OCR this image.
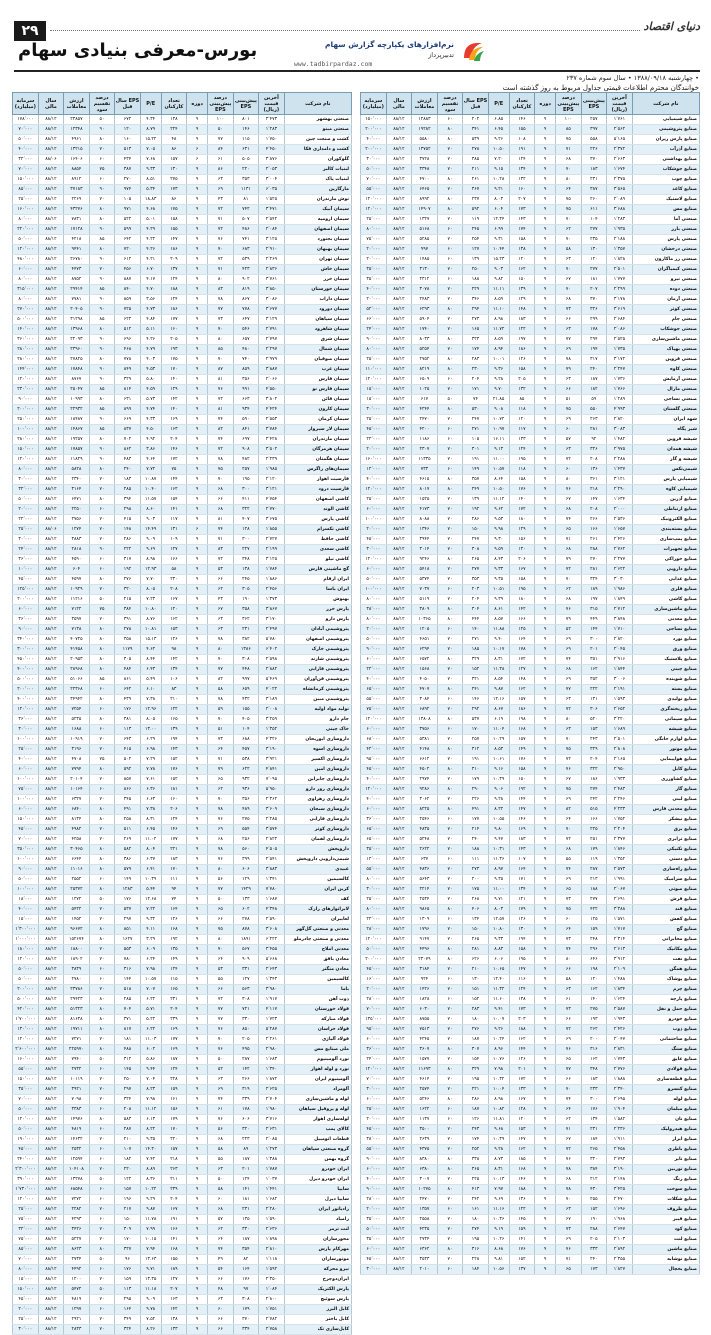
۲۹	دنیای اقتصاد
بورس-معرفی بنیادی سهام	نرم‌افزارهای یکپارچه گزارش سهام
تدبیرپرداز
www.tadbirpardaz.com
• چهارشنبه ۱۳۸۸/۰۹/۱۸ • سال سوم شماره ۲۳۷
خوانندگان محترم اطلاعات قیمتی جداول مربوط به روز گذشته است
نام شرکت	آخرین قیمت (ریال)	پیش‌بینی EPS	درصد پیش‌بینی EPS	دوره	تعداد کارکنان	P/E	EPS سال قبل	درصد تقسیم سود	ارزش معاملات	سال مالی	سرمایه (میلیارد)
صنایع شیمیایی	۱٬۷۶۱	۲۵۷	۱۰۰	۹	۱۴۶	۶.۸۵	۲۰۲	۶۰	۱۲۸۸۳	۸۸/۱۲	۱۵۰٬۰۰۰
صنایع پتروشیمی	۲٬۵۶۲	۳۹۷	۸۵	۹	۱۵۵	۶.۴۵	۳۴۱	۸۰	۱۹۲۸۲	۸۸/۱۲	۲۰۰٬۰۰۰
صنایع پارس ریزان	۵٬۱۶۵	۵۵۸	۷۵	۹	۱۰۸	۹.۲۶	۵۳۹	۸۰	۵۵۸۰	۸۸/۱۲	۴۰٬۰۰۰
صنایع آذرآب	۲٬۳۷۲	۲۲۶	۷۱	۹	۱۹۱	۱۰.۵۰	۲۷۸	۷۰	۱۳۷۵۲	۸۸/۱۲	۲۰۰٬۰۰۰
صنایع بهداشتی	۲٬۶۶۳	۳۷۰	۶۸	۹	۱۲۴	۷.۲۰	۳۸۵	۷۰	۳۷۲۸	۸۸/۱۲	۳۰٬۰۰۰
صنایع جوشکاب	۱٬۶۷۴	۱۸۳	۷۰	۹	۱۳۴	۹.۱۵	۲۱۱	۷۰	۳۳۴۸	۸۸/۱۲	۵۰٬۰۰۰
صنایع چوب	۲٬۳۷۵	۲۳۱	۸۰	۹	۱۳۲	۱۰.۲۸	۲۶۱	۸۰	۴۷۰۰	۸۸/۱۲	۷۰٬۰۰۰
صنایع کاغذ	۳٬۵۶۵	۳۸۷	۶۴	۹	۱۶۰	۹.۲۱	۳۶۷	۷۰	۶۴۶۵	۸۸/۱۲	۵۵٬۰۰۰
صنایع لاستیک	۲٬۰۸۹	۲۶۰	۷۵	۹	۲۰۷	۸.۰۳	۲۳۷	۸۰	۸۹۹۲	۸۸/۱۲	۱۲۰٬۰۰۰
صنایع مس	۳٬۶۸۸	۶۱۱	۷۵	۹	۱۷۳	۶.۰۴	۵۹۲	۸۰	۱۴۹۰۷	۸۸/۱۲	۱۲۰٬۰۰۰
صنعتی آما	۱٬۲۸۳	۱۰۴	۷۰	۹	۱۴۳	۱۲.۳۴	۱۱۹	۷۰	۱۳۲۷	۸۸/۱۲	۲۵٬۰۰۰
صنعتی بارز	۱٬۹۳۵	۲۷۷	۶۲	۹	۱۷۴	۶.۹۹	۲۴۵	۶۰	۵۱۶۸	۸۸/۱۲	۸۰٬۰۰۰
صنعتی پارس	۲٬۱۸۸	۲۳۵	۷۰	۹	۱۵۸	۹.۳۱	۲۵۴	۷۰	۵۲۸۵	۸۸/۱۲	۷۵٬۰۰۰
صنعتی درخشان	۱٬۳۵۷	۱۳۰	۵۸	۹	۱۳۸	۱۰.۴۴	۱۲۷	۶۰	۹۹۷	۸۸/۱۲	۲۰٬۰۰۰
صنعتی زر ماکارون	۱٬۸۲۸	۱۲۰	۶۳	۹	۱۲۰	۱۵.۲۳	۱۳۹	۶۰	۱۴۸۵	۸۸/۱۲	۲۰٬۰۰۰
صنعتی کیمیاگران	۲٬۵۰۱	۲۷۷	۷۰	۹	۱۶۲	۹.۰۳	۲۵۰	۷۰	۳۱۳۰	۸۸/۱۲	۳۵٬۰۰۰
صنعتی نیرو	۱٬۷۷۷	۱۸۱	۶۷	۹	۱۵۰	۹.۸۲	۱۸۸	۶۰	۲۳۱۲	۸۸/۱۲	۳۵٬۰۰۰
صنعتی دوده	۲٬۲۹۹	۲۰۷	۷۰	۹	۱۳۹	۱۱.۱۱	۲۲۹	۷۰	۳۰۷۸	۸۸/۱۲	۴۰٬۰۰۰
صنعتی آرمان	۳٬۱۷۸	۳۷۰	۶۸	۹	۱۲۹	۸.۵۹	۳۴۶	۷۰	۲۴۸۳	۸۸/۱۲	۲۰٬۰۰۰
صنعتی کوثر	۳٬۶۱۹	۳۲۶	۷۳	۹	۱۴۸	۱۱.۱۰	۲۹۴	۸۰	۶۲۹۳	۸۸/۱۲	۵۲٬۰۰۰
صنعتی جام	۲٬۶۸۴	۲۹۹	۶۶	۹	۱۸۳	۸.۹۸	۲۷۳	۷۰	۵۹۰۴	۸۸/۱۲	۶۶٬۰۰۰
صنعتی جوشکاب	۲٬۰۸۶	۱۷۸	۶۳	۹	۱۲۲	۱۱.۷۲	۱۶۵	۷۰	۱۷۴۰	۸۸/۱۲	۲۴٬۰۰۰
صنعتی ماشین‌سازی	۲٬۵۲۵	۲۹۴	۷۷	۹	۱۹۷	۸.۵۹	۳۲۳	۸۰	۸۰۳۳	۸۸/۱۲	۹۰٬۰۰۰
صنعتی بهپاک	۱٬۷۳۵	۱۹۴	۶۹	۹	۱۸۶	۸.۹۴	۱۷۴	۷۰	۵۲۵۴	۸۸/۱۲	۸۰٬۰۰۰
صنعتی قزوین	۳٬۱۷۲	۳۱۷	۷۸	۹	۱۲۶	۱۰.۰۱	۲۸۳	۸۰	۲۷۵۲	۸۸/۱۲	۲۵٬۰۰۰
صنعتی کاوه	۲٬۲۴۷	۲۴۰	۷۹	۹	۱۵۸	۹.۳۶	۲۳۰	۸۰	۸۲۱۹	۸۸/۱۲	۱۱۰٬۰۰۰
صنعتی آزمایش	۱٬۷۳۶	۱۸۷	۶۳	۹	۲۰۵	۹.۲۸	۲۰۴	۶۰	۶۵۰۹	۸۸/۱۲	۱۲۰٬۰۰۰
صنعتی مارال	۱٬۷۶۶	۱۸۲	۶۶	۹	۱۳۲	۹.۷۰	۱۷۱	۷۰	۱۰۲۵	۸۸/۱۲	۱۵٬۰۰۰
صنعتی نساجی	۱٬۲۸۹	۵۹	۵۱	۹	۸۵	۲۱.۸۵	۷۴	۵۰	۶۱۷	۸۸/۱۲	۱۵٬۰۰۰
صنعتی گلستان	۴٬۹۹۳	۵۵۰	۷۵	۹	۱۱۸	۹.۰۸	۵۳۰	۸۰	۴۲۴۴	۸۸/۱۲	۳۰٬۰۰۰
شهد ایران	۲٬۸۲۰	۲۶۳	۶۹	۹	۱۲۰	۱۰.۷۲	۲۴۷	۷۰	۲۴۷۰	۸۸/۱۲	۲۵٬۰۰۰
شیر پگاه	۳٬۰۸۳	۲۸۱	۶۰	۹	۱۱۷	۱۰.۹۷	۲۷۱	۶۰	۴۲۰۰	۸۸/۱۲	۴۵٬۰۰۰
شیشه قزوین	۱٬۴۸۲	۹۲	۵۷	۹	۱۳۳	۱۶.۱۱	۱۰۵	۶۰	۱۱۸۶	۸۸/۱۲	۲۲٬۰۰۰
شیشه همدان	۲٬۹۷۵	۳۲۶	۶۳	۹	۱۲۴	۹.۱۳	۳۰۱	۷۰	۲۳۰۷	۸۸/۱۲	۲۰٬۰۰۰
شیشه و گاز	۲٬۲۸۸	۲۰۸	۷۲	۹	۱۹۵	۱۱.۰۰	۱۹۱	۷۰	۱۱۳۳۵	۸۸/۱۲	۱۶۰٬۰۰۰
شیمی‌تکس	۱٬۴۳۷	۱۳۶	۶۰	۹	۱۱۸	۱۰.۵۷	۱۴۹	۶۰	۷۳۳	۸۸/۱۲	۱۲٬۰۰۰
شیمیایی پارس	۳٬۱۲۱	۳۶۱	۸۰	۹	۱۵۸	۸.۶۴	۳۵۷	۸۰	۴۶۱۵	۸۸/۱۲	۴۰٬۰۰۰
شیمیایی کاوه	۲٬۲۹۰	۲۱۸	۷۶	۹	۱۷۶	۱۰.۵۰	۲۴۹	۸۰	۸۰۱۷	۸۸/۱۲	۱۲۰٬۰۰۰
صنایع آذرین	۱٬۶۳۴	۱۴۷	۶۷	۹	۱۴۰	۱۱.۱۲	۱۳۹	۷۰	۱۵۲۵	۸۸/۱۲	۲۵٬۰۰۰
صنایع ارتباطی	۲٬۰۰۰	۲۰۸	۶۸	۹	۱۷۲	۹.۶۲	۱۹۲	۷۰	۴۱۷۳	۸۸/۱۲	۶۰٬۰۰۰
صنایع الکترونیک	۲٬۵۳۶	۲۶۶	۷۴	۹	۱۸۰	۹.۵۳	۲۸۶	۷۰	۸۰۸۸	۸۸/۱۲	۱۰۰٬۰۰۰
صنایع بسته‌بندی	۱٬۶۵۷	۱۶۶	۶۵	۹	۱۲۹	۹.۹۸	۱۵۰	۷۰	۱۳۴۶	۸۸/۱۲	۲۰٬۰۰۰
صنایع پمپ‌سازی	۲٬۴۲۶	۲۶۱	۷۱	۹	۱۵۶	۹.۳۰	۲۴۷	۷۰	۳۹۴۴	۸۸/۱۲	۴۵٬۰۰۰
صنایع تجهیزات	۲٬۷۶۲	۲۸۸	۶۸	۹	۱۳۰	۹.۵۹	۳۰۸	۷۰	۳۰۱۴	۸۸/۱۲	۳۰٬۰۰۰
صنایع خوراکی	۲٬۲۷۷	۲۷۰	۷۹	۹	۲۰۶	۸.۴۳	۲۶۵	۸۰	۹۲۴۶	۸۸/۱۲	۱۲۰٬۰۰۰
صنایع دارویی	۲٬۶۲۲	۲۸۱	۷۲	۹	۱۶۷	۹.۳۳	۲۷۷	۷۰	۵۴۱۸	۸۸/۱۲	۶۰٬۰۰۰
صنایع غذایی	۳٬۰۳۰	۳۲۴	۷۰	۹	۱۵۸	۹.۳۵	۳۵۳	۷۰	۵۳۷۴	۸۸/۱۲	۵۰٬۰۰۰
صنایع فلزی	۱٬۹۸۶	۱۸۹	۶۲	۹	۱۹۵	۱۰.۵۱	۲۰۳	۶۰	۷۰۳۷	۸۸/۱۲	۱۰۰٬۰۰۰
صنایع کاشی	۱٬۸۴۹	۱۹۷	۶۸	۹	۱۸۰	۹.۳۹	۲۰۴	۷۰	۵۱۱۹	۸۸/۱۲	۸۰٬۰۰۰
صنایع ماشین‌سازی	۲٬۷۱۲	۳۱۵	۷۶	۹	۱۴۲	۸.۶۱	۳۰۴	۸۰	۳۸۰۹	۸۸/۱۲	۳۸٬۰۰۰
صنایع معدنی	۳٬۸۴۸	۴۴۹	۷۹	۹	۱۶۶	۸.۵۷	۴۴۴	۸۰	۱۰۳۶۵	۸۸/۱۲	۸۰٬۰۰۰
صنایع نساجی	۱٬۷۱۰	۱۴۴	۵۲	۹	۱۲۵	۱۱.۸۸	۱۴۰	۶۰	۱۲۰۵	۸۸/۱۲	۲۰٬۰۰۰
صنایع نورد	۲٬۸۲۰	۳۰۰	۶۹	۹	۱۶۴	۹.۴۰	۲۷۱	۷۰	۴۶۵۱	۸۸/۱۲	۵۰٬۰۰۰
صنایع ورق	۲٬۰۴۵	۲۰۱	۶۹	۹	۱۷۸	۱۰.۱۷	۱۸۵	۷۰	۶۲۹۴	۸۸/۱۲	۹۰٬۰۰۰
صنایع پلاستیک	۲٬۹۱۶	۳۵۱	۷۴	۹	۱۷۲	۸.۳۱	۳۲۹	۸۰	۶۵۷۲	۸۸/۱۲	۶۰٬۰۰۰
صنایع چینی	۱٬۸۴۴	۱۶۲	۶۸	۹	۱۲۷	۱۱.۳۸	۱۵۲	۷۰	۱۵۶۸	۸۸/۱۲	۲۲٬۰۰۰
صنایع شوینده	۳٬۰۰۶	۳۵۲	۶۹	۹	۱۴۸	۸.۵۴	۳۲۱	۷۰	۴۰۵۰	۸۸/۱۲	۴۰٬۰۰۰
صنایع بسته	۲٬۱۹۱	۲۲۲	۷۷	۹	۱۶۲	۹.۸۷	۲۴۱	۸۰	۴۷۰۷	۸۸/۱۲	۶۵٬۰۰۰
صنایع تولیدی	۱٬۵۹۳	۱۳۱	۶۳	۹	۱۵۷	۱۲.۱۶	۱۴۶	۶۰	۳۰۸۴	۸۸/۱۲	۵۵٬۰۰۰
صنایع ریخته‌گری	۲٬۶۵۲	۳۰۶	۷۲	۹	۱۸۶	۸.۶۷	۲۹۲	۷۰	۶۸۹۲	۸۸/۱۲	۷۵٬۰۰۰
صنایع سیمانی	۳٬۲۲۰	۵۲۰	۸۰	۹	۱۹۸	۶.۱۹	۵۳۷	۸۰	۱۳۸۰۸	۸۸/۱۲	۱۲۰٬۰۰۰
صنایع شیشه	۱٬۶۸۹	۱۵۳	۶۳	۹	۱۶۸	۱۱.۰۴	۱۷۰	۶۰	۳۷۵۶	۸۸/۱۲	۶۰٬۰۰۰
صنایع لوازم خانگی	۲٬۵۰۱	۲۴۳	۷۰	۹	۱۵۷	۱۰.۲۹	۲۵۷	۷۰	۵۳۸۱	۸۸/۱۲	۶۸٬۰۰۰
صنایع موتور	۲٬۸۰۸	۳۲۹	۷۵	۹	۱۴۹	۸.۵۳	۳۱۲	۸۰	۴۱۴۸	۸۸/۱۲	۴۲٬۰۰۰
صنایع هواپیمایی	۲٬۱۶۵	۲۰۴	۷۲	۹	۱۷۶	۱۰.۶۱	۱۹۱	۷۰	۶۶۱۲	۸۸/۱۲	۹۵٬۰۰۰
صنایع کابل	۲٬۹۵۰	۳۲۲	۷۶	۹	۱۵۸	۹.۱۶	۳۱۰	۸۰	۴۵۰۲	۸۸/۱۲	۴۵٬۰۰۰
صنایع کشاورزی	۱٬۹۳۳	۱۸۶	۶۷	۹	۱۵۰	۱۰.۳۹	۱۷۹	۷۰	۲۹۷۴	۸۸/۱۲	۴۰٬۰۰۰
صنایع گاز	۲٬۴۸۳	۲۷۴	۷۵	۹	۱۹۲	۹.۰۶	۲۹۰	۸۰	۹۲۸۶	۸۸/۱۲	۱۲۰٬۰۰۰
صنایع لبنی	۲٬۲۴۶	۲۴۲	۶۹	۹	۱۴۴	۹.۲۸	۲۲۶	۷۰	۳۰۶۲	۸۸/۱۲	۴۰٬۰۰۰
صنایع معدنی فارس	۴٬۲۳۳	۵۱۵	۸۲	۹	۱۴۷	۸.۲۲	۴۹۱	۸۰	۸۲۲۵	۸۸/۱۲	۶۰٬۰۰۰
صنایع نیشکر	۱٬۷۵۲	۱۶۶	۶۴	۹	۱۴۶	۱۰.۵۵	۱۷۷	۶۰	۲۵۴۶	۸۸/۱۲	۳۶٬۰۰۰
صنایع برق	۲٬۲۰۴	۲۲۵	۷۰	۹	۱۶۹	۹.۸۰	۲۱۴	۷۰	۴۸۳۵	۸۸/۱۲	۶۵٬۰۰۰
صنایع ترابری	۲٬۳۷۷	۲۵۱	۷۲	۹	۱۸۳	۹.۴۷	۲۴۰	۷۰	۵۲۴۸	۸۸/۱۲	۶۵٬۰۰۰
صنایع تکنیکی	۱٬۸۴۶	۱۷۹	۶۸	۹	۱۴۳	۱۰.۳۱	۱۸۸	۷۰	۲۶۲۲	۸۸/۱۲	۳۵٬۰۰۰
صنایع دستی	۱٬۳۵۲	۱۱۹	۵۵	۹	۱۰۷	۱۱.۳۶	۱۱۱	۶۰	۶۳۷	۸۸/۱۲	۱۲٬۰۰۰
صنایع راه‌سازی	۲٬۵۷۳	۲۸۷	۷۴	۹	۱۶۴	۸.۹۷	۲۷۳	۷۰	۴۸۳۶	۸۸/۱۲	۵۵٬۰۰۰
صنایع سرامیک	۱٬۹۹۱	۲۱۳	۶۹	۹	۱۷۱	۹.۳۵	۲۰۰	۷۰	۵۶۴۳	۸۸/۱۲	۸۰٬۰۰۰
صنایع صوتی	۲٬۰۶۷	۱۸۸	۶۵	۹	۱۳۴	۱۱.۰۰	۱۷۵	۷۰	۲۲۱۴	۸۸/۱۲	۳۰٬۰۰۰
صنایع فرش	۲٬۶۹۱	۲۷۷	۷۳	۹	۱۲۱	۹.۷۱	۲۶۸	۷۰	۲۵۳۴	۸۸/۱۲	۲۵٬۰۰۰
صنایع قند	۳٬۳۸۸	۴۲۲	۷۵	۹	۱۷۹	۸.۰۳	۴۰۶	۸۰	۹۸۶۵	۸۸/۱۲	۸۰٬۰۰۰
صنایع کفش	۱٬۵۷۱	۱۲۵	۶۰	۹	۱۲۶	۱۲.۵۷	۱۳۴	۶۰	۱۳۰۹	۸۸/۱۲	۲۲٬۰۰۰
صنایع گچ	۱٬۷۱۷	۱۵۹	۶۴	۹	۱۳۰	۱۰.۸۰	۱۵۰	۷۰	۱۷۹۶	۸۸/۱۲	۲۸٬۰۰۰
صنایع مخابراتی	۲٬۳۱۴	۲۴۸	۷۳	۹	۱۹۴	۹.۳۳	۲۶۵	۷۰	۹۱۴۷	۸۸/۱۲	۱۲۰٬۰۰۰
صنایع مکانیک	۲٬۶۱۳	۲۹۶	۷۴	۹	۱۵۸	۸.۸۳	۲۸۱	۸۰	۴۴۹۶	۸۸/۱۲	۵۰٬۰۰۰
صنایع نفت	۳٬۹۱۲	۶۴۶	۸۰	۹	۱۹۵	۶.۰۶	۶۲۶	۸۰	۲۳۰۷۹	۸۸/۱۲	۲۰۰٬۰۰۰
صنایع همگن	۲٬۱۰۹	۱۹۸	۶۶	۹	۱۴۷	۱۰.۶۵	۲۱۰	۷۰	۳۱۸۴	۸۸/۱۲	۴۵٬۰۰۰
صنایع پوشاک	۱٬۴۸۸	۱۲۰	۵۸	۹	۱۱۶	۱۲.۴۰	۱۳۰	۶۰	۹۲۴	۸۸/۱۲	۱۶٬۰۰۰
صنایع چرم	۱٬۸۳۴	۱۶۲	۶۳	۹	۱۲۴	۱۱.۳۲	۱۵۱	۷۰	۱۴۲۶	۸۸/۱۲	۲۰٬۰۰۰
صنایع پارچه	۱٬۶۲۴	۱۴۰	۶۱	۹	۱۳۸	۱۱.۶۰	۱۵۲	۶۰	۱۸۲۸	۸۸/۱۲	۲۸٬۰۰۰
صنایع حمل و نقل	۲٬۵۸۷	۲۷۵	۷۳	۹	۱۷۳	۹.۴۱	۲۸۳	۷۰	۶۰۳۰	۸۸/۱۲	۷۰٬۰۰۰
صنایع خودرو	۱٬۹۴۳	۱۹۳	۶۶	۹	۲۰۳	۱۰.۰۷	۱۸۰	۷۰	۸۷۵۵	۸۸/۱۲	۱۳۵٬۰۰۰
صنایع ذوب	۲٬۴۲۶	۲۶۲	۷۲	۹	۱۸۸	۹.۲۶	۲۷۶	۷۰	۷۵۱۳	۸۸/۱۲	۹۵٬۰۰۰
صنایع ساختمانی	۲٬۰۴۷	۲۰۰	۶۹	۹	۱۶۲	۱۰.۲۴	۱۸۷	۷۰	۴۲۴۵	۸۸/۱۲	۶۰٬۰۰۰
صنایع سنگ	۲٬۸۳۱	۳۱۶	۷۶	۹	۱۴۴	۸.۹۶	۳۰۷	۸۰	۳۶۰۷	۸۸/۱۲	۳۶٬۰۰۰
صنایع عایق	۱٬۷۴۳	۱۶۲	۶۵	۹	۱۲۶	۱۰.۷۶	۱۵۴	۷۰	۱۵۷۷	۸۸/۱۲	۲۴٬۰۰۰
صنایع فولادی	۲٬۷۷۶	۳۴۸	۷۷	۹	۲۰۱	۷.۹۸	۳۲۹	۸۰	۱۱۶۹۳	۸۸/۱۲	۱۲۰٬۰۰۰
صنایع قطعه‌سازی	۱٬۸۸۸	۱۸۳	۶۶	۹	۱۷۲	۱۰.۳۲	۱۹۵	۷۰	۴۶۱۴	۸۸/۱۲	۷۰٬۰۰۰
صنایع کنسرو	۲٬۳۴۰	۲۳۳	۷۰	۹	۱۳۳	۱۰.۰۴	۲۲۱	۷۰	۲۵۷۴	۸۸/۱۲	۳۰٬۰۰۰
صنایع لوله	۲٬۶۹۵	۳۰۰	۷۴	۹	۱۶۷	۸.۹۸	۲۸۶	۸۰	۵۲۴۶	۸۸/۱۲	۶۰٬۰۰۰
صنایع مبلمان	۱٬۹۰۴	۱۷۶	۶۴	۹	۱۲۸	۱۰.۸۲	۱۸۷	۶۰	۱۶۲۲	۸۸/۱۲	۲۵٬۰۰۰
صنایع نان	۱٬۵۸۲	۱۳۴	۶۲	۹	۱۲۰	۱۱.۸۱	۱۲۶	۶۰	۱۱۳۷	۸۸/۱۲	۲۰٬۰۰۰
صنایع هیدرولیک	۲٬۲۳۶	۲۳۱	۷۱	۹	۱۵۳	۹.۶۸	۲۴۳	۷۰	۳۵۰۰	۸۸/۱۲	۴۵٬۰۰۰
صنایع ابزار	۱٬۹۱۱	۱۸۴	۶۷	۹	۱۴۷	۱۰.۳۹	۱۷۴	۷۰	۲۶۳۹	۸۸/۱۲	۳۸٬۰۰۰
صنایع باطری	۲٬۴۵۸	۲۶۵	۷۲	۹	۱۶۲	۹.۲۸	۲۵۲	۷۰	۴۳۷۵	۸۸/۱۲	۵۵٬۰۰۰
صنایع تایر	۲٬۷۹۳	۳۲۰	۷۶	۹	۱۸۵	۸.۷۳	۳۳۸	۸۰	۸۳۸۰	۸۸/۱۲	۹۰٬۰۰۰
صنایع توربین	۳٬۱۹۰	۳۸۴	۷۸	۹	۱۶۸	۸.۳۱	۳۶۵	۸۰	۶۳۸۰	۸۸/۱۲	۶۰٬۰۰۰
صنایع رنگ	۲٬۱۴۸	۲۱۲	۶۸	۹	۱۴۶	۱۰.۱۳	۲۲۵	۷۰	۳۰۰۷	۸۸/۱۲	۴۰٬۰۰۰
صنایع سوخت	۳٬۴۲۵	۴۳۰	۷۸	۹	۱۸۸	۷.۹۷	۴۱۳	۸۰	۱۰۲۷۵	۸۸/۱۲	۹۰٬۰۰۰
صنایع شکلات	۲٬۴۷۰	۲۵۵	۷۰	۹	۱۳۶	۹.۶۹	۲۴۲	۷۰	۲۴۷۰	۸۸/۱۲	۲۸٬۰۰۰
صنایع ظروف	۱٬۶۹۶	۱۵۲	۶۳	۹	۱۲۲	۱۱.۱۶	۱۶۱	۶۰	۱۳۵۷	۸۸/۱۲	۲۰٬۰۰۰
صنایع فیبر	۱٬۹۶۸	۱۹۰	۶۷	۹	۱۴۵	۱۰.۳۶	۱۸۰	۷۰	۲۵۵۸	۸۸/۱۲	۳۵٬۰۰۰
صنایع کود	۲٬۶۴۷	۲۸۸	۷۳	۹	۱۵۹	۹.۱۹	۲۷۴	۷۰	۴۲۳۵	۸۸/۱۲	۵۰٬۰۰۰
صنایع لنت	۲٬۱۰۳	۲۰۵	۶۹	۹	۱۴۱	۱۰.۲۶	۱۹۵	۷۰	۲۷۳۴	۸۸/۱۲	۳۵٬۰۰۰
صنایع ماشین	۲٬۸۹۲	۳۳۳	۷۶	۹	۱۷۶	۸.۶۸	۳۱۶	۸۰	۶۳۶۲	۸۸/۱۲	۶۰٬۰۰۰
صنایع نوشابه	۲٬۳۵۵	۲۴۰	۷۱	۹	۱۵۲	۹.۸۱	۲۲۸	۷۰	۳۵۳۳	۸۸/۱۲	۴۵٬۰۰۰
صنایع یخچال	۱٬۸۲۷	۱۷۳	۶۵	۹	۱۳۷	۱۰.۵۶	۱۸۴	۶۰	۲۰۱۰	۸۸/۱۲	۳۰٬۰۰۰
نام شرکت	آخرین قیمت (ریال)	پیش‌بینی EPS	درصد پیش‌بینی EPS	دوره	تعداد کارکنان	P/E	EPS سال قبل	درصد تقسیم سود	ارزش معاملات	سال مالی	سرمایه (میلیارد)
صنعتی بهشهر	۳٬۴۷۳	۸۰۱	۱۰۰	۹	۱۳۸	۴.۳۴	۶۷۲	۵۰	۲۳۸۵۷	۸۸/۱۲	۱۷۸٬۰۰۰
صنعتی مینو	۱٬۲۸۳	۱۴۶	۵۰	۹	۲۲۴	۸.۷۹	۱۲۰	۹۰	۱۲۳۴۸	۸۸/۱۲	۷۰٬۰۰۰
کشت و صنعت چین	۱٬۷۵۰	۱۱۵	۷۷	۹	۴۸	۱۵.۲۲	۱۶۰	۸۰	۴۹۶۱	۸۸/۱۲	۵۰٬۰۰۰
کشت و دامداری فکا	۴٬۴۵۰	۶۳۱	۸۴	۶	۸۶	۷.۰۵	۵۱۳	۷۰	۱۳۲۱۵	۸۸/۱۲	۴۰٬۰۰۰
گلوکوزان	۳٬۸۷۶	۵۰۵	۶۱	۶	۱۵۷	۷.۶۸	۴۳۴	۶۰	۱۶۴۰۶	۸۸/۰۶	۳۲٬۰۰۰
لبنیات کالبر	۲٬۰۵۳	۲۲۰	۸۶	۹	۱۳۰	۹.۳۳	۳۸۷	۷۵	۸۸۵۴	۸۸/۱۲	۷۰٬۰۰۰
لبنیات پاک	۳٬۰۰۴	۳۵۳	۶۳	۹	۲۷۵	۸.۵۱	۲۷۰	۶۰	۸۹۱۲	۸۸/۱۲	۱۵۰٬۰۰۰
مارگارین	۶٬۰۳۵	۱۱۳۱	۶۹	۹	۱۷۳	۵.۳۴	۹۷۴	۹۰	۳۷۱۸۳	۸۸/۱۲	۸۵٬۰۰۰
نوش مازندران	۱٬۵۲۵	۸۱	۴۳	۹	۸۶	۱۸.۸۳	۱۰۵	۷۰	۲۲۶۹	۸۸/۱۲	۲۵٬۰۰۰
سیمان آبیک	۳٬۴۷۱	۷۴۲	۷۲	۹	۱۷۵	۴.۶۸	۹۷۱	۸۰	۴۳۲۷۶	۸۸/۱۲	۱۶۰٬۰۰۰
سیمان ارومیه	۲٬۵۴۲	۵۰۷	۷۱	۹	۱۵۸	۵.۰۱	۵۲۲	۸۰	۷۸۳۱	۸۸/۱۲	۸۰٬۰۰۰
سیمان اصفهان	۲٬۰۸۴	۴۸۶	۷۲	۹	۱۵۵	۴.۲۹	۵۹۹	۹۰	۱۷۱۲۸	۸۸/۱۲	۲۲۰٬۰۰۰
سیمان بجنورد	۳٬۱۲۵	۷۴۱	۷۶	۹	۱۴۷	۴.۲۲	۶۴۲	۸۵	۴۲۱۸	۸۸/۱۲	۵۰٬۰۰۰
سیمان بهبهان	۲٬۹۱۰	۶۸۳	۷۰	۹	۱۸۶	۴.۲۶	۷۲۰	۸۰	۹۴۴۱	۸۸/۱۲	۱۲۰٬۰۰۰
سیمان تهران	۲٬۲۶۹	۵۳۹	۷۲	۹	۲۰۹	۴.۲۱	۶۱۲	۹۰	۲۶۷۸۰	۸۸/۱۲	۴۸۰٬۰۰۰
سیمان خاش	۲٬۸۳۶	۴۲۳	۷۱	۹	۱۳۷	۶.۷۰	۴۵۶	۷۰	۴۴۷۳	۸۸/۱۲	۶۰٬۰۰۰
سیمان خزر	۳٬۷۶۱	۹۰۲	۸۰	۹	۱۲۴	۴.۱۷	۸۸۷	۹۰	۸۷۵۲	۸۸/۱۲	۸۰٬۰۰۰
سیمان خوزستان	۳٬۸۵۰	۸۱۹	۸۳	۹	۱۸۸	۴.۷۰	۸۴۰	۸۵	۲۹۴۱۴	۸۸/۱۲	۳۱۵٬۰۰۰
سیمان داراب	۳٬۰۸۶	۸۶۷	۷۸	۹	۱۲۴	۳.۵۶	۸۵۹	۹۰	۷۷۸۱	۸۸/۱۲	۸۰٬۰۰۰
سیمان دورود	۳٬۶۷۷	۷۷۸	۷۷	۹	۱۸۶	۴.۷۳	۷۲۵	۹۰	۲۰۴۰۵	۸۸/۱۲	۲۷۰٬۰۰۰
سیمان سپاهان	۳٬۱۲۹	۶۴۷	۷۳	۹	۱۷۷	۴.۸۴	۶۲۲	۸۵	۳۱۲۹۸	۸۸/۱۲	۵۰۰٬۰۰۰
سیمان شاهرود	۲٬۷۹۱	۵۴۶	۷۰	۹	۱۶۰	۵.۱۱	۵۱۲	۸۰	۱۳۹۶۸	۸۸/۱۲	۱۴۰٬۰۰۰
سیمان شرق	۲٬۷۹۷	۶۵۷	۸۰	۹	۲۰۵	۴.۲۶	۶۹۶	۹۰	۲۲۰۹۳	۸۸/۱۲	۳۶۰٬۰۰۰
سیمان شمال	۲٬۲۹۷	۴۸۰	۸۵	۹	۱۹۳	۴.۷۹	۴۶۸	۹۰	۲۳۹۶۰	۸۸/۱۲	۲۸۰٬۰۰۰
سیمان صوفیان	۲٬۹۷۹	۷۴۰	۷۰	۹	۱۷۵	۴.۰۳	۷۷۸	۸۰	۲۷۸۲۵	۸۸/۱۲	۲۸۰٬۰۰۰
سیمان غرب	۳٬۸۸۷	۸۵۹	۸۷	۹	۱۷۰	۴.۵۳	۸۴۹	۹۰	۱۷۸۴۸	۸۸/۱۲	۱۴۴٬۰۰۰
سیمان فارس	۲٬۰۶۶	۳۵۶	۸۱	۹	۱۴۰	۵.۸۰	۳۲۹	۹۰	۸۷۶۷	۸۸/۱۲	۱۲۰٬۰۰۰
سیمان فارس نو	۴٬۵۵۰	۹۹۱	۷۶	۹	۱۲۹	۴.۵۹	۸۱۴	۸۵	۲۵۰۴۷	۸۸/۱۲	۲۳۰٬۰۰۰
سیمان قائن	۳٬۸۰۲	۶۶۳	۷۲	۹	۱۴۲	۵.۷۳	۶۳۱	۸۰	۱۰۹۹۳	۸۸/۱۲	۹۰٬۰۰۰
سیمان کارون	۴٬۴۲۴	۹۳۴	۸۱	۹	۱۴۰	۴.۷۴	۸۹۹	۸۵	۲۲۹۳۲	۸۸/۱۲	۲۰۰٬۰۰۰
سیمان کرمان	۲٬۵۵۳	۵۹۰	۷۴	۹	۱۶۹	۴.۳۳	۶۶۹	۹۰	۱۸۴۸۷	۸۸/۱۲	۲۵۰٬۰۰۰
سیمان لار سبزوار	۳٬۷۸۴	۸۴۱	۸۲	۹	۱۶۳	۴.۵۰	۸۳۷	۸۵	۱۴۸۶۷	۸۸/۱۲	۱۰۰٬۰۰۰
سیمان مازندران	۳٬۴۲۸	۶۹۷	۷۴	۹	۲۰۴	۴.۹۲	۷۰۲	۸۰	۱۹۲۵۷	۸۸/۱۲	۲۸۰٬۰۰۰
سیمان هرمزگان	۳٬۵۰۲	۹۰۸	۷۲	۹	۱۴۶	۳.۸۶	۸۶۲	۹۰	۱۷۸۵۷	۸۸/۱۲	۱۵۰٬۰۰۰
سیمان هگمتان	۲٬۲۳۹	۴۸۲	۷۸	۹	۱۷۲	۴.۶۴	۴۸۳	۹۰	۱۱۸۲۹	۸۸/۱۲	۱۲۰٬۰۰۰
سیمان‌های زاگرس	۱٬۹۸۵	۲۵۷	۷۵	۹	۷۵	۷.۷۲	۲۴۰	۸۰	۵۸۲۸	۸۸/۱۲	۸۰٬۰۰۰
فارسیت اهواز	۲٬۱۲۰	۱۹۵	۷۰	۹	۱۴۴	۱۰.۸۷	۱۸۳	۷۰	۲۳۴۰	۸۸/۱۲	۳۰٬۰۰۰
فارسیت درود	۳٬۱۲۱	۳۰۰	۶۸	۹	۱۶۲	۱۰.۴۰	۲۸۵	۷۰	۳۱۶۴	۸۸/۱۲	۳۲٬۰۰۰
کاشی اصفهان	۴٬۷۵۴	۴۱۱	۶۶	۹	۱۵۴	۱۱.۵۷	۳۹۴	۸۰	۶۴۷۱	۸۸/۱۲	۵۰٬۰۰۰
کاشی الوند	۲٬۷۷۰	۳۲۲	۶۸	۹	۱۴۱	۸.۶۰	۲۹۸	۶۰	۲۲۵۰	۸۸/۱۲	۲۰٬۰۰۰
کاشی پارس	۳٬۶۷۵	۴۰۷	۸۱	۹	۱۱۷	۹.۰۳	۴۱۵	۷۰	۲۷۵۶	۸۸/۱۲	۲۲٬۰۰۰
کاشی تکسرام	۱٬۸۵۵	۱۲۸	۷۴	۶	۱۳۱	۱۴.۴۹	۱۴۸	۷۰	۱۲۷۴	۸۸/۰۶	۲۵٬۰۰۰
کاشی حافظ	۲٬۷۲۷	۳۰۰	۷۱	۹	۱۰۹	۹.۰۹	۲۸۶	۷۰	۳۸۸۳	۸۸/۱۲	۳۰٬۰۰۰
کاشی سعدی	۲٬۱۹۹	۲۲۷	۸۳	۹	۱۲۷	۹.۶۹	۲۲۲	۹۰	۲۸۱۸	۸۸/۱۲	۲۴٬۰۰۰
کاشی نیلو	۳٬۱۲۵	۳۴۸	۷۲	۹	۱۶۶	۸.۹۸	۳۱۷	۶۰	۴۵۹۰	۸۸/۱۲	۳۶٬۰۰۰
گچ ماشینی فارس	۱٬۷۸۴	۱۳۸	۵۳	۹	۵۸	۱۲.۹۳	۱۹۲	۶۰	۶۰۴	۸۸/۱۲	۱۰٬۰۰۰
ایران ارقام	۱٬۸۸۶	۲۴۵	۶۶	۹	۲۳۰	۷.۷۰	۲۷۶	۸۰	۴۵۹۷	۸۸/۱۲	۴۵٬۰۰۰
ایران یاسا	۲٬۴۵۶	۳۰۵	۶۲	۹	۲۰۸	۸.۰۵	۳۲۰	۷۰	۱۰۹۲۹	۸۸/۱۲	۱۲۵٬۰۰۰
بهنوش	۱٬۳۷۳	۱۹۰	۴۳	۹	۱۶۷	۷.۲۳	۲۱۵	۵۰	۱۱۲۱۶	۸۸/۱۲	۲۰۰٬۰۰۰
پارس خزر	۳٬۸۶۷	۳۵۸	۶۷	۹	۱۲۰	۱۰.۸۰	۳۸۴	۷۵	۷۱۲۲	۸۸/۱۲	۶۰٬۰۰۰
پارس دارو	۳٬۱۷۰	۳۶۲	۶۳	۹	۱۶۲	۸.۷۶	۳۹۱	۷۰	۳۵۹۷	۸۸/۱۲	۳۶٬۰۰۰
پتروشیمی آبادان	۲٬۴۹۷	۲۳۱	۶۳	۹	۱۵۳	۱۰.۸۱	۲۷۸	۸۰	۷۱۳۸	۸۸/۱۲	۹۰٬۰۰۰
پتروشیمی اصفهان	۵٬۷۸۰	۳۸۲	۷۸	۹	۱۲۶	۱۵.۱۳	۳۵۸	۸۰	۴۰۷۲۵	۸۸/۱۲	۳۴۰٬۰۰۰
پتروشیمی خارک	۶٬۴۰۲	۱۳۸۶	۸۰	۹	۹۸	۴.۶۲	۱۱۷۹	۸۰	۴۱۴۵۸	۸۸/۱۲	۳۰۰٬۰۰۰
پتروشیمی شازند	۲٬۵۹۸	۳۰۸	۷۰	۹	۱۴۲	۸.۴۴	۳۰۵	۸۰	۲۰۹۵۳	۸۸/۱۲	۴۵۰٬۰۰۰
پتروشیمی فارابی	۲٬۸۸۲	۴۴۸	۷۷	۹	۱۳۴	۶.۴۳	۴۸۴	۸۰	۲۸۹۶۸	۸۸/۱۲	۴۰۰٬۰۰۰
پتروشیمی فن‌آوران	۵٬۴۶۹	۹۹۷	۸۲	۹	۱۰۶	۵.۴۹	۸۶۱	۸۵	۵۱۰۶۶	۸۸/۱۲	۵۰۰٬۰۰۰
پتروشیمی کرمانشاه	۴٬۰۲۲	۶۵۹	۵۸	۹	۸۳	۶.۱۰	۶۴۲	۶۰	۲۲۳۶۸	۸۸/۱۲	۲۰۰٬۰۰۰
پتروشیمی مبین	۳٬۱۸۹	۴۳۲	۷۸	۹	۲۱۰	۷.۳۸	۴۳۹	۸۰	۳۴۹۴۲	۸۸/۱۲	۴۰۰٬۰۰۰
تولید مواد اولیه	۲٬۰۰۸	۱۵۵	۵۹	۹	۱۲۲	۱۲.۹۶	۱۷۶	۶۰	۷۲۵۴	۸۸/۱۲	۱۲۰٬۰۰۰
جام دارو	۳٬۲۵۹	۴۰۵	۷۰	۹	۱۶۵	۸.۰۵	۳۸۱	۸۰	۵۲۳۵	۸۸/۱۲	۳۶٬۰۰۰
خاک چینی	۱٬۳۵۲	۱۰۴	۵۱	۹	۱۳۹	۱۳.۰۰	۱۱۳	۶۰	۱۶۸۸	۸۸/۱۲	۳۰٬۰۰۰
داروسازی ابوریحان	۴٬۳۲۶	۶۸۸	۷۳	۹	۱۹۴	۶.۲۹	۶۴۳	۷۰	۱۰۹۱۹	۸۸/۱۲	۱۰۰٬۰۰۰
داروسازی اسوه	۳٬۱۹۰	۴۵۷	۶۴	۹	۱۴۳	۶.۹۸	۴۱۵	۷۰	۳۱۹۶	۸۸/۱۲	۲۵٬۰۰۰
داروسازی اکسیر	۳٬۹۲۱	۵۳۸	۷۱	۹	۱۵۲	۷.۲۹	۵۰۲	۷۵	۴۷۰۸	۸۸/۱۲	۴۰٬۰۰۰
داروسازی امین	۴٬۸۴۱	۶۲۲	۷۹	۹	۱۷۶	۷.۷۸	۵۹۲	۸۰	۷۷۹۴	۸۸/۱۲	۶۰٬۰۰۰
داروسازی جابرابن	۷٬۰۹۵	۹۳۲	۶۵	۹	۱۵۲	۷.۶۱	۸۵۷	۷۰	۲۰۱۰۴	۸۸/۱۲	۱۰۰٬۰۰۰
داروسازی روز دارو	۵٬۹۵۰	۹۳۶	۶۲	۹	۱۸۱	۶.۳۶	۸۶۶	۶۰	۱۰۱۶۴	۸۸/۱۲	۷۵٬۰۰۰
داروسازی زهراوی	۲٬۳۶۲	۳۵۶	۷۰	۹	۱۶۰	۶.۶۳	۳۴۵	۷۰	۶۳۲۷	۸۸/۱۲	۱۰۰٬۰۰۰
داروسازی سبحان	۳٬۶۰۹	۴۸۹	۷۸	۹	۲۰۶	۷.۳۸	۴۹۱	۸۰	۶۸۴۰	۸۸/۱۲	۶۰٬۰۰۰
داروسازی فارابی	۲٬۲۸۵	۲۷۵	۷۶	۹	۱۲۴	۸.۳۱	۲۵۸	۸۰	۸۱۳۴	۸۸/۱۲	۱۵۰٬۰۰۰
داروسازی کوثر	۳٬۵۷۴	۵۵۴	۶۹	۹	۱۴۶	۶.۴۵	۵۱۱	۷۰	۴۹۸۲	۸۸/۱۲	۴۵٬۰۰۰
داروسازی لقمان	۲٬۸۲۲	۲۵۶	۶۸	۹	۱۷۷	۱۱.۰۲	۲۶۹	۷۰	۴۲۵۸	۸۸/۱۲	۷۰٬۰۰۰
داروپخش	۴٬۵۰۵	۵۶۰	۷۸	۹	۲۲۱	۸.۰۴	۵۸۲	۸۰	۳۰۴۶۵	۸۸/۱۲	۳۵۰٬۰۰۰
شیمی‌دارویی داروپخش	۲٬۵۴۱	۳۹۹	۷۶	۹	۱۸۳	۶.۳۷	۳۸۶	۸۰	۶۶۴۴	۸۸/۱۲	۱۰۰٬۰۰۰
عبیدی	۳٬۸۸۳	۶۰۶	۸۰	۹	۱۷۰	۶.۴۱	۵۷۹	۸۰	۱۱۰۱۶	۸۸/۱۲	۹۰٬۰۰۰
کالسیمین	۱٬۳۴۱	۱۲۹	۵۶	۹	۱۱۱	۱۰.۳۹	۱۴۹	۶۰	۲۵۵۲	۸۸/۱۲	۵۰٬۰۰۰
کربن ایران	۷٬۷۸۰	۱۴۲۹	۷۷	۹	۹۴	۵.۴۴	۱۲۸۳	۸۰	۲۵۳۷۲	۸۸/۱۲	۱۰۰٬۰۰۰
کف	۱٬۶۸۷	۱۳۳	۵۰	۹	۷۴	۱۲.۶۸	۱۷۶	۵۰	۱۲۷۲	۸۸/۱۲	۱۸٬۰۰۰
لابراتوارهای رازک	۴٬۳۴۸	۶۰۲	۶۵	۹	۱۶۴	۷.۲۲	۵۳۷	۷۰	۵۴۲۲	۸۸/۱۲	۴۰٬۰۰۰
لعابیران	۲٬۵۹۰	۲۷۸	۶۶	۹	۱۲۶	۹.۳۲	۲۹۷	۷۰	۱۴۵۲	۸۸/۱۲	۱۵٬۰۰۰
معدنی و صنعتی گل‌گهر	۳٬۶۰۸	۸۷۸	۷۵	۹	۱۶۸	۴.۱۱	۸۵۱	۸۰	۹۶۶۷۲	۸۸/۱۲	۱٬۳۰۰٬۰۰۰
معدنی و صنعتی چادرملو	۶٬۲۲۲	۱۸۹۱	۸۰	۹	۱۹۲	۳.۲۹	۱۶۲۷	۸۰	۱۵۲۶۷۴	۸۸/۱۲	۱٬۰۰۰٬۰۰۰
معدنی املاح	۳٬۴۵۵	۵۶۷	۷۰	۹	۱۳۵	۶.۰۹	۵۵۳	۷۰	۱۸۸۰۰	۸۸/۱۲	۱۸۰٬۰۰۰
معادن بافق	۵٬۶۶۸	۹۰۹	۶۴	۹	۱۴۹	۶.۲۴	۷۸۰	۷۰	۱۸۹۰۲	۸۸/۱۲	۱۲۰٬۰۰۰
معادن منگنز	۲٬۶۴۳	۳۳۱	۵۳	۹	۱۲۴	۷.۹۸	۳۱۶	۶۰	۳۸۳۹	۸۸/۱۲	۵۰٬۰۰۰
کالسیمین	۱٬۳۴۳	۱۲۷	۵۵	۹	۱۱۵	۱۰.۵۷	۱۴۴	۶۰	۲۷۸۰	۸۸/۱۲	۵۰٬۰۰۰
باما	۳٬۹۸۰	۵۶۳	۶۶	۹	۱۶۵	۷.۰۷	۵۱۸	۷۰	۲۳۷۸۶	۸۸/۱۲	۲۰۰٬۰۰۰
ذوب آهن	۱٬۹۱۷	۳۰۸	۷۲	۹	۲۳۱	۶.۲۲	۲۸۵	۸۰	۲۹۴۲۳	۸۸/۱۲	۵۰۰٬۰۰۰
فولاد خوزستان	۴٬۱۱۷	۷۲۱	۷۷	۹	۲۰۴	۵.۷۱	۷۰۴	۸۰	۵۱۳۲۳	۸۸/۱۲	۴۲۰٬۰۰۰
فولاد مبارکه	۱٬۷۲۳	۳۳۰	۷۷	۹	۲۳۹	۵.۲۲	۳۷۱	۸۰	۸۱۶۳۸	۸۸/۱۲	۱٬۷۰۰٬۰۰۰
فولاد خراسان	۵٬۲۸۷	۸۵۰	۷۶	۹	۱۶۹	۶.۲۲	۸۱۷	۸۰	۱۹۷۱۱	۸۸/۱۲	۱۳۰٬۰۰۰
فولاد آلیاژی	۲٬۲۶۱	۲۰۵	۷۰	۹	۱۷۷	۱۱.۰۳	۱۸۱	۷۰	۷۲۷۱	۸۸/۱۲	۱۲۰٬۰۰۰
ملی صنایع مس	۲٬۹۸۰	۴۹۵	۷۶	۹	۱۶۹	۶.۰۲	۴۸۸	۸۰	۲۲۵۹۷۰	۸۸/۱۲	۲٬۶۰۰٬۰۰۰
نورد آلومینیوم	۱٬۶۸۳	۲۸۷	۵۰	۹	۱۸۷	۵.۸۶	۳۱۲	۵۰	۷۹۴۰	۸۸/۱۲	۱۶۰٬۰۰۰
نورد و لوله اهواز	۱٬۳۴۰	۱۴۲	۵۲	۹	۱۲۴	۹.۴۴	۱۴۵	۶۰	۲۷۳۲	۸۸/۱۲	۵۵٬۰۰۰
آلومینیوم ایران	۱٬۸۷۲	۲۶۶	۶۳	۹	۲۲۸	۷.۰۴	۲۵۰	۷۰	۱۰۱۱۹	۸۸/۱۲	۱۵۰٬۰۰۰
آلومراد	۲٬۶۲۵	۳۱۹	۶۹	۹	۱۵۹	۸.۲۳	۲۹۷	۷۰	۳۹۲۱	۸۸/۱۲	۳۵٬۰۰۰
لوله و ماشین‌سازی	۲٬۷۰۴	۳۳۹	۷۴	۹	۱۶۱	۷.۹۸	۳۲۴	۷۰	۷۰۹۸	۸۸/۱۲	۷۰٬۰۰۰
لوله و پروفیل سپاهان	۱٬۹۸۰	۱۷۸	۶۱	۹	۱۵۶	۱۱.۱۲	۲۰۸	۶۰	۳۳۸۳	۸۸/۱۲	۵۰٬۰۰۰
لوله‌سازی اهواز	۳٬۷۱۶	۶۰۶	۷۶	۹	۱۷۹	۶.۱۳	۵۸۳	۸۰	۱۴۹۷۶	۸۸/۱۲	۱۲۰٬۰۰۰
کالای پمپ	۲٬۶۳۱	۳۲۰	۵۶	۹	۱۷۰	۸.۲۲	۲۸۷	۶۰	۴۸۱۹	۸۸/۱۲	۵۰٬۰۰۰
قطعات اتومبیل	۲٬۰۸۵	۲۲۳	۶۸	۹	۲۲۰	۹.۳۵	۲۱۰	۷۰	۱۴۶۳۲	۸۸/۱۲	۱۹۰٬۰۰۰
گروه صنعتی سپاهان	۱٬۲۷۳	۸۹	۵۸	۹	۱۵۷	۱۴.۳۰	۱۰۷	۶۰	۲۵۳۲	۸۸/۱۲	۴۵٬۰۰۰
گروه بهمن	۱٬۳۸۸	۱۸۷	۵۵	۹	۲۱۸	۷.۴۲	۱۸۲	۶۰	۱۲۵۹۴	۸۸/۱۲	۲۴۰٬۰۰۰
ایران خودرو	۱٬۷۸۷	۲۰۱	۶۳	۹	۲۶۳	۸.۸۹	۲۲۰	۷۰	۱۰۴۱۰۸	۸۸/۱۲	۲٬۳۰۰٬۰۰۰
ایران خودرو دیزل	۱٬۰۳۷	۱۲۴	۵۰	۹	۲۱۱	۸.۳۶	۱۲۲	۵۰	۱۳۲۷۸	۸۸/۱۲	۳۹۰٬۰۰۰
سایپا	۱٬۴۴۱	۱۴۱	۵۸	۹	۲۳۹	۱۰.۲۲	۱۵۷	۶۰	۶۸۵۴۸	۸۸/۱۲	۱٬۷۳۰٬۰۰۰
سایپا دیزل	۱٬۶۸۲	۱۸۱	۶۰	۹	۲۰۴	۹.۲۹	۱۹۶	۶۰	۷۲۷۲	۸۸/۱۲	۱۲۰٬۰۰۰
رادیاتور ایران	۲٬۲۸۰	۲۳۱	۶۸	۹	۱۶۷	۹.۸۷	۲۱۷	۷۰	۲۲۸۲	۸۸/۱۲	۲۵٬۰۰۰
زامیاد	۱٬۵۹۰	۱۳۵	۵۷	۹	۱۹۱	۱۱.۷۸	۱۵۰	۶۰	۴۲۹۳	۸۸/۱۲	۷۵٬۰۰۰
لنت ترمز	۲٬۶۳۶	۳۳۰	۶۲	۹	۱۶۶	۷.۹۹	۳۰۹	۷۰	۳۴۲۶	۸۸/۱۲	۳۲٬۰۰۰
محورسازان	۱٬۸۹۸	۱۸۷	۶۴	۹	۱۴۱	۱۰.۱۵	۱۷۰	۷۰	۵۲۲۷	۸۸/۱۲	۷۵٬۰۰۰
مهرکام پارس	۲٬۸۱۰	۳۵۴	۷۴	۹	۱۶۸	۷.۹۴	۳۲۷	۸۰	۸۶۲۳	۸۸/۱۲	۸۵٬۰۰۰
موتورسازان	۱٬۱۱۸	۸۲	۴۹	۹	۱۵۵	۱۳.۶۳	۹۶	۵۰	۲۷۳۴	۸۸/۱۲	۷۰٬۰۰۰
نیرو محرکه	۱٬۵۹۲	۱۶۴	۵۴	۹	۱۸۹	۹.۷۱	۱۷۶	۶۰	۴۴۹۲	۸۸/۱۲	۸۰٬۰۰۰
ایران‌دوچرخ	۲٬۳۵۰	۱۷۶	۶۶	۹	۱۲۷	۱۳.۳۵	۱۵۹	۷۰	۱۲۰۰	۸۸/۱۲	۱۵٬۰۰۰
پارس الکتریک	۱٬۰۸۴	۹۷	۴۸	۹	۲۰۷	۱۱.۱۸	۱۱۳	۵۰	۵۴۷۲	۸۸/۱۲	۱۵۰٬۰۰۰
پارس سوئیچ	۲٬۸۰۰	۳۰۸	۶۳	۹	۱۶۳	۹.۰۹	۲۹۵	۷۰	۴۸۱۹	۸۸/۱۲	۴۵٬۰۰۰
کابل البرز	۱٬۷۵۱	۱۷۹	۶۰	۹	۱۴۲	۹.۷۸	۱۶۴	۶۰	۱۲۹۷	۸۸/۱۲	۲۰٬۰۰۰
کابل باختر	۲٬۷۸۲	۳۷۰	۶۶	۹	۱۳۸	۷.۵۲	۳۴۹	۷۰	۲۹۲۱	۸۸/۱۲	۲۵٬۰۰۰
کابل‌سازی تک	۲٬۷۵۸	۳۳۴	۶۶	۹	۱۳۳	۸.۲۶	۳۲۴	۷۰	۲۸۳۳	۸۸/۱۲	۳۰٬۰۰۰
